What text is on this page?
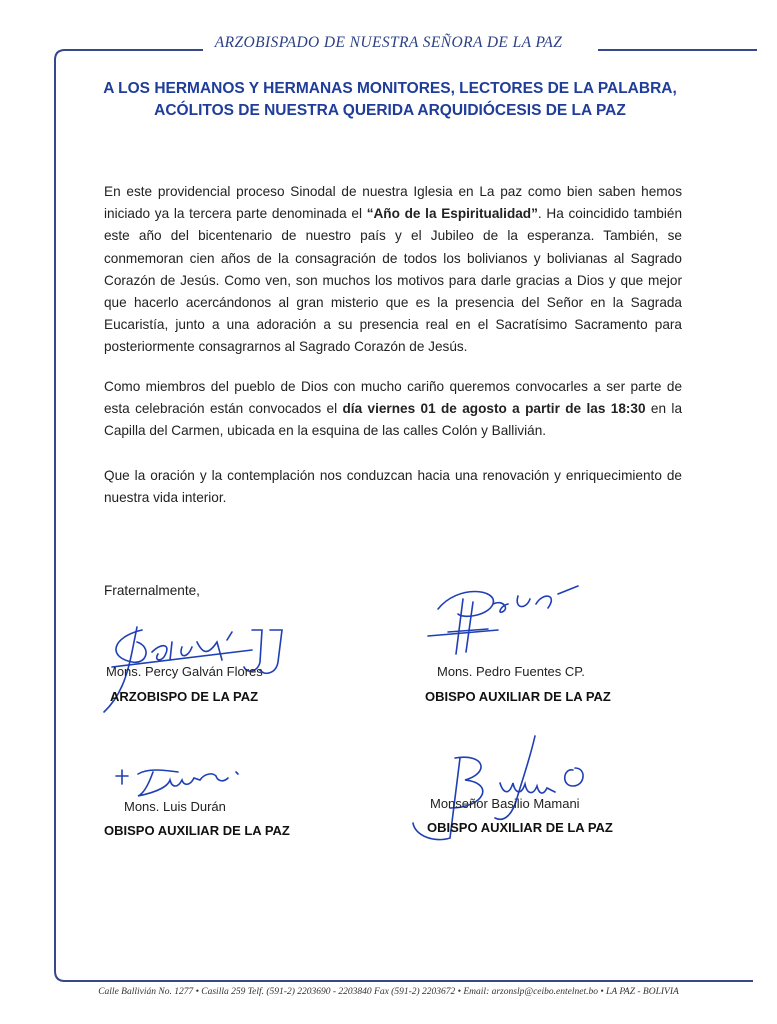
ARZOBISPADO DE NUESTRA SEÑORA DE LA PAZ
A LOS HERMANOS Y HERMANAS MONITORES, LECTORES DE LA PALABRA,
ACÓLITOS DE NUESTRA QUERIDA ARQUIDIÓCESIS DE LA PAZ
En este providencial proceso Sinodal de nuestra Iglesia en La paz como bien saben hemos iniciado ya la tercera parte denominada el “Año de la Espiritualidad”. Ha coincidido también este año del bicentenario de nuestro país y el Jubileo de la esperanza. También, se conmemoran cien años de la consagración de todos los bolivianos y bolivianas al Sagrado Corazón de Jesús. Como ven, son muchos los motivos para darle gracias a Dios y que mejor que hacerlo acercándonos al gran misterio que es la presencia del Señor en la Sagrada Eucaristía, junto a una adoración a su presencia real en el Sacratísimo Sacramento para posteriormente consagrarnos al Sagrado Corazón de Jesús.
Como miembros del pueblo de Dios con mucho cariño queremos convocarles a ser parte de esta celebración están convocados el día viernes 01 de agosto a partir de las 18:30 en la Capilla del Carmen, ubicada en la esquina de las calles Colón y Ballivián.
Que la oración y la contemplación nos conduzcan hacia una renovación y enriquecimiento de nuestra vida interior.
Fraternalmente,
Mons. Percy Galván Flores
ARZOBISPO DE LA PAZ
Mons. Pedro Fuentes CP.
OBISPO AUXILIAR DE LA PAZ
Mons. Luis Durán
OBISPO AUXILIAR DE LA PAZ
Monseñor Basilio Mamani
OBISPO AUXILIAR DE LA PAZ
Calle Ballivián No. 1277 • Casilla 259 Telf. (591-2) 2203690 - 2203840 Fax (591-2) 2203672 • Email: arzonslp@ceibo.entelnet.bo • LA PAZ - BOLIVIA
